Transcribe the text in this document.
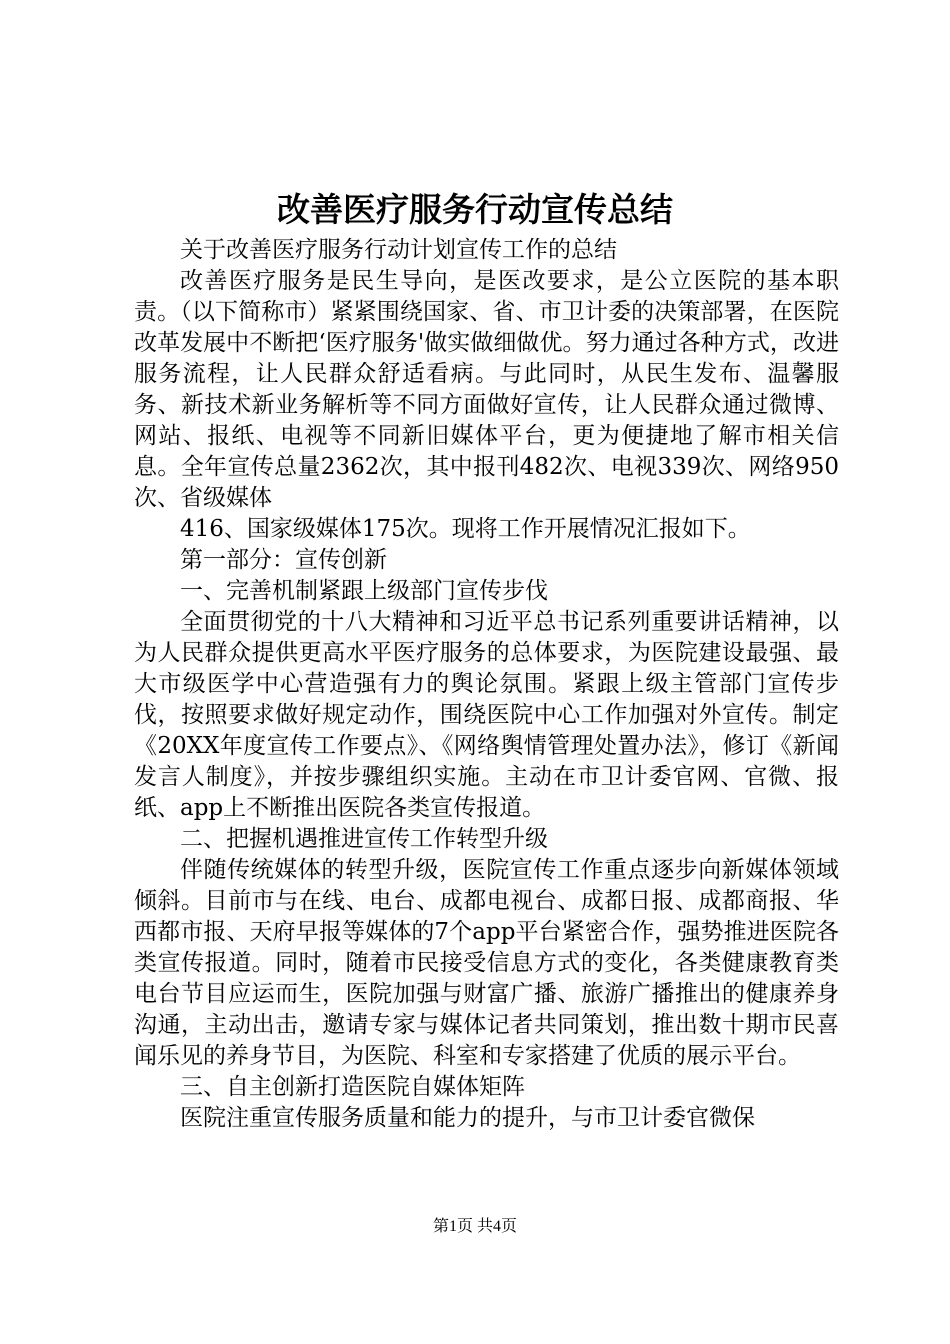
改善医疗服务行动宣传总结

关于改善医疗服务行动计划宣传工作的总结

改善医疗服务是民生导向，是医改要求，是公立医院的基本职责。（以下简称市）紧紧围绕国家、省、市卫计委的决策部署，在医院改革发展中不断把‘医疗服务'做实做细做优。努力通过各种方式，改进服务流程，让人民群众舒适看病。与此同时，从民生发布、温馨服务、新技术新业务解析等不同方面做好宣传，让人民群众通过微博、网站、报纸、电视等不同新旧媒体平台，更为便捷地了解市相关信息。全年宣传总量2362次，其中报刊482次、电视339次、网络950次、省级媒体

416、国家级媒体175次。现将工作开展情况汇报如下。

第一部分：宣传创新

一、完善机制紧跟上级部门宣传步伐

全面贯彻党的十八大精神和习近平总书记系列重要讲话精神，以为人民群众提供更高水平医疗服务的总体要求，为医院建设最强、最大市级医学中心营造强有力的舆论氛围。紧跟上级主管部门宣传步伐，按照要求做好规定动作，围绕医院中心工作加强对外宣传。制定《20XX年度宣传工作要点》、《网络舆情管理处置办法》，修订《新闻发言人制度》，并按步骤组织实施。主动在市卫计委官网、官微、报纸、app上不断推出医院各类宣传报道。

二、把握机遇推进宣传工作转型升级

伴随传统媒体的转型升级，医院宣传工作重点逐步向新媒体领域倾斜。目前市与在线、电台、成都电视台、成都日报、成都商报、华西都市报、天府早报等媒体的7个app平台紧密合作，强势推进医院各类宣传报道。同时，随着市民接受信息方式的变化，各类健康教育类电台节目应运而生，医院加强与财富广播、旅游广播推出的健康养身沟通，主动出击，邀请专家与媒体记者共同策划，推出数十期市民喜闻乐见的养身节目，为医院、科室和专家搭建了优质的展示平台。

三、自主创新打造医院自媒体矩阵

医院注重宣传服务质量和能力的提升，与市卫计委官微保

第1页 共4页
